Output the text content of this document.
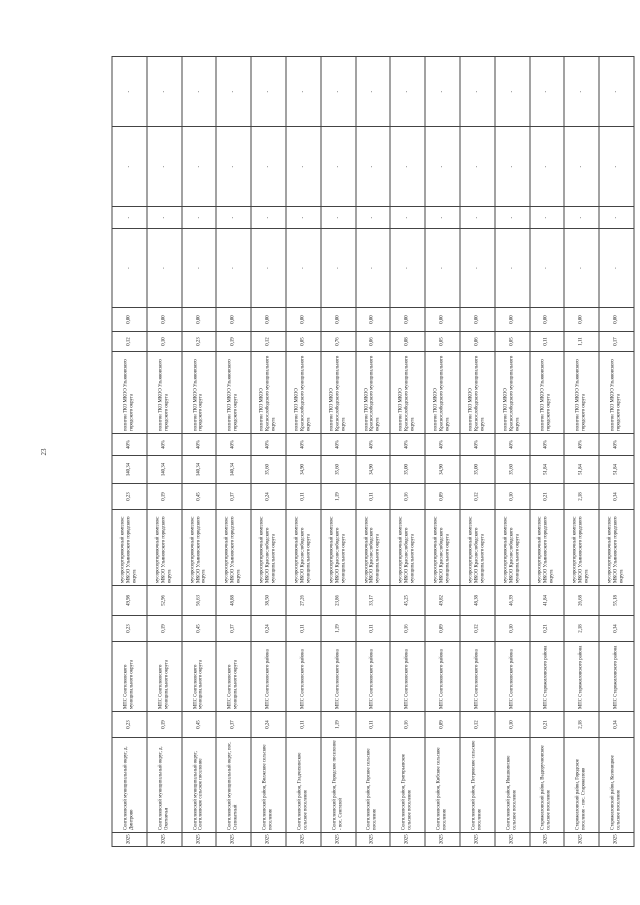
23
2025	Сенгилеевский муниципальный округ, д. Дмитрово	0,23	МПС Сенгилеевского муниципального округа	0,23	49,98	мусоросортировочный комплекс МКОО Ульяновского городского округа	0,23	140,34	40%	полигон ТКО МКОО Ульяновского городского округа	0,12	0,00	-	-	-	-
2025	Сенгилеевский муниципальный округ, д. Охотничья	0,19	МПС Сенгилеевского муниципального округа	0,19	52,96	мусоросортировочный комплекс МКОО Ульяновского городского округа	0,19	140,34	40%	полигон ТКО МКОО Ульяновского городского округа	0,10	0,00	-	-	-	-
2025	Сенгилеевский муниципальный округ, Сенгилеевское сельское поселение	0,45	МПС Сенгилеевского муниципального округа	0,45	56,63	мусоросортировочный комплекс МКОО Ульяновского городского округа	0,45	140,34	40%	полигон ТКО МКОО Ульяновского городского округа	0,23	0,00	-	-	-	-
2025	Сенгилеевский муниципальный округ, пос. Силикатный	0,37	МПС Сенгилеевского муниципального округа	0,37	48,88	мусоросортировочный комплекс МКОО Ульяновского городского округа	0,37	140,34	40%	полигон ТКО МКОО Ульяновского городского округа	0,19	0,00	-	-	-	-
2025	Сенгилеевский район, Волжское сельское поселение	0,24	МПС Сенгилеевского района	0,24	38,50	мусоросортировочный комплекс МКОО Краснослободского муниципального округа	0,24	35,60	40%	полигон ТКО МКОО Краснослободского муниципального округа	0,12	0,00	-	-	-	-
2025	Сенгилеевский район, Гладчихинское сельское поселение	0,11	МПС Сенгилеевского района	0,11	27,26	мусоросортировочный комплекс МКОО Краснослободского муниципального округа	0,11	34,90	40%	полигон ТКО МКОО Краснослободского муниципального округа	0,05	0,00	-	-	-	-
2025	Сенгилеевский район, Городское поселение - пос. Сенгилей	1,19	МПС Сенгилеевского района	1,19	23,86	мусоросортировочный комплекс МКОО Краснослободского муниципального округа	1,19	35,60	40%	полигон ТКО МКОО Краснослободского муниципального округа	0,76	0,00	-	-	-	-
2025	Сенгилеевский район, Горское сельское поселение	0,11	МПС Сенгилеевского района	0,11	33,17	мусоросортировочный комплекс МКОО Краснослободского муниципального округа	0,11	34,90	40%	полигон ТКО МКОО Краснослободского муниципального округа	0,06	0,00	-	-	-	-
2025	Сенгилеевский район, Григорьевское сельское поселение	0,16	МПС Сенгилеевского района	0,16	45,25	мусоросортировочный комплекс МКОО Краснослободского муниципального округа	0,16	35,00	40%	полигон ТКО МКОО Краснослободского муниципального округа	0,08	0,00	-	-	-	-
2025	Сенгилеевский район, Кибское сельское поселение	0,09	МПС Сенгилеевского района	0,09	49,82	мусоросортировочный комплекс МКОО Краснослободского муниципального округа	0,09	34,90	40%	полигон ТКО МКОО Краснослободского муниципального округа	0,05	0,00	-	-	-	-
2025	Сенгилеевский район, Потровское сельское поселение	0,12	МПС Сенгилеевского района	0,12	48,38	мусоросортировочный комплекс МКОО Краснослободского муниципального округа	0,12	35,00	40%	полигон ТКО МКОО Краснослободского муниципального округа	0,06	0,00	-	-	-	-
2025	Сенгилеевский район, Ивашкинское сельское поселение	0,10	МПС Сенгилеевского района	0,10	46,39	мусоросортировочный комплекс МКОО Краснослободского муниципального округа	0,10	35,60	40%	полигон ТКО МКОО Краснослободского муниципального округа	0,05	0,00	-	-	-	-
2025	Старожиловский район, Выдоручновское сельское поселение	0,21	МПС Старожиловского района	0,21	41,84	мусоросортировочный комплекс МКОО Ульяновского городского округа	0,21	51,84	40%	полигон ТКО МКОО Ульяновского городского округа	0,11	0,00	-	-	-	-
2025	Старожиловский район, Городское поселение - пос. Старожилово	2,18	МПС Старожиловского района	2,18	26,68	мусоросортировочный комплекс МКОО Ульяновского городского округа	2,18	51,84	40%	полигон ТКО МКОО Ульяновского городского округа	1,11	0,00	-	-	-	-
2025	Старожиловский район, Колоницкое сельское поселение	0,34	МПС Старожиловского района	0,34	55,18	мусоросортировочный комплекс МКОО Ульяновского городского округа	0,34	51,84	40%	полигон ТКО МКОО Ульяновского городского округа	0,17	0,00	-	-	-	-
